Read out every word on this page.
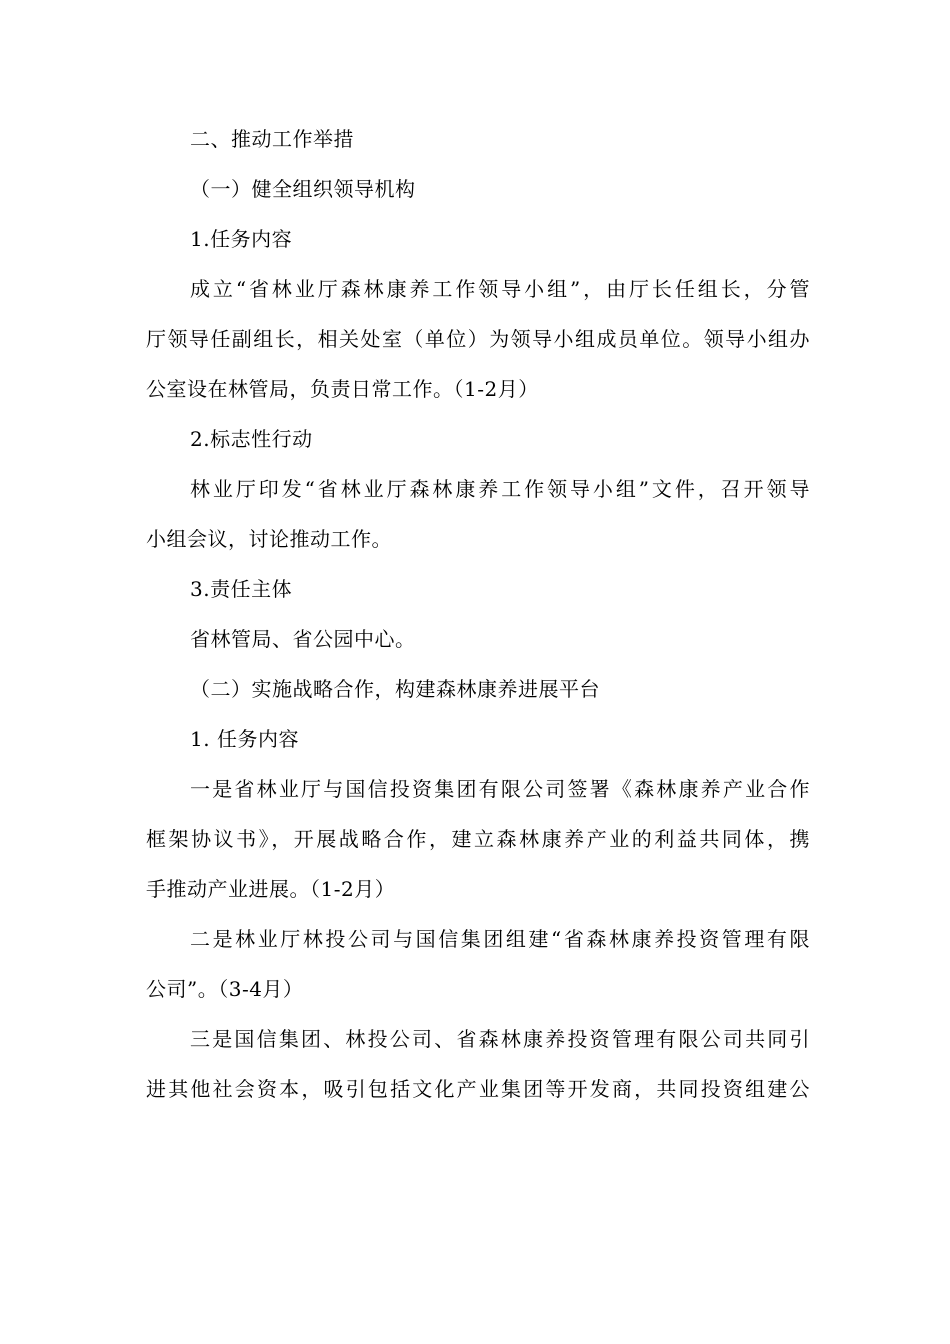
二、推动工作举措
（一）健全组织领导机构
1.任务内容
成立“省林业厅森林康养工作领导小组”，由厅长任组长，分管
厅领导任副组长，相关处室（单位）为领导小组成员单位。领导小组办
公室设在林管局，负责日常工作。（1-2月）
2.标志性行动
林业厅印发“省林业厅森林康养工作领导小组”文件，召开领导
小组会议，讨论推动工作。
3.责任主体
省林管局、省公园中心。
（二）实施战略合作，构建森林康养进展平台
1. 任务内容
一是省林业厅与国信投资集团有限公司签署《森林康养产业合作
框架协议书》，开展战略合作，建立森林康养产业的利益共同体，携
手推动产业进展。（1-2月）
二是林业厅林投公司与国信集团组建“省森林康养投资管理有限
公司”。（3-4月）
三是国信集团、林投公司、省森林康养投资管理有限公司共同引
进其他社会资本，吸引包括文化产业集团等开发商，共同投资组建公
